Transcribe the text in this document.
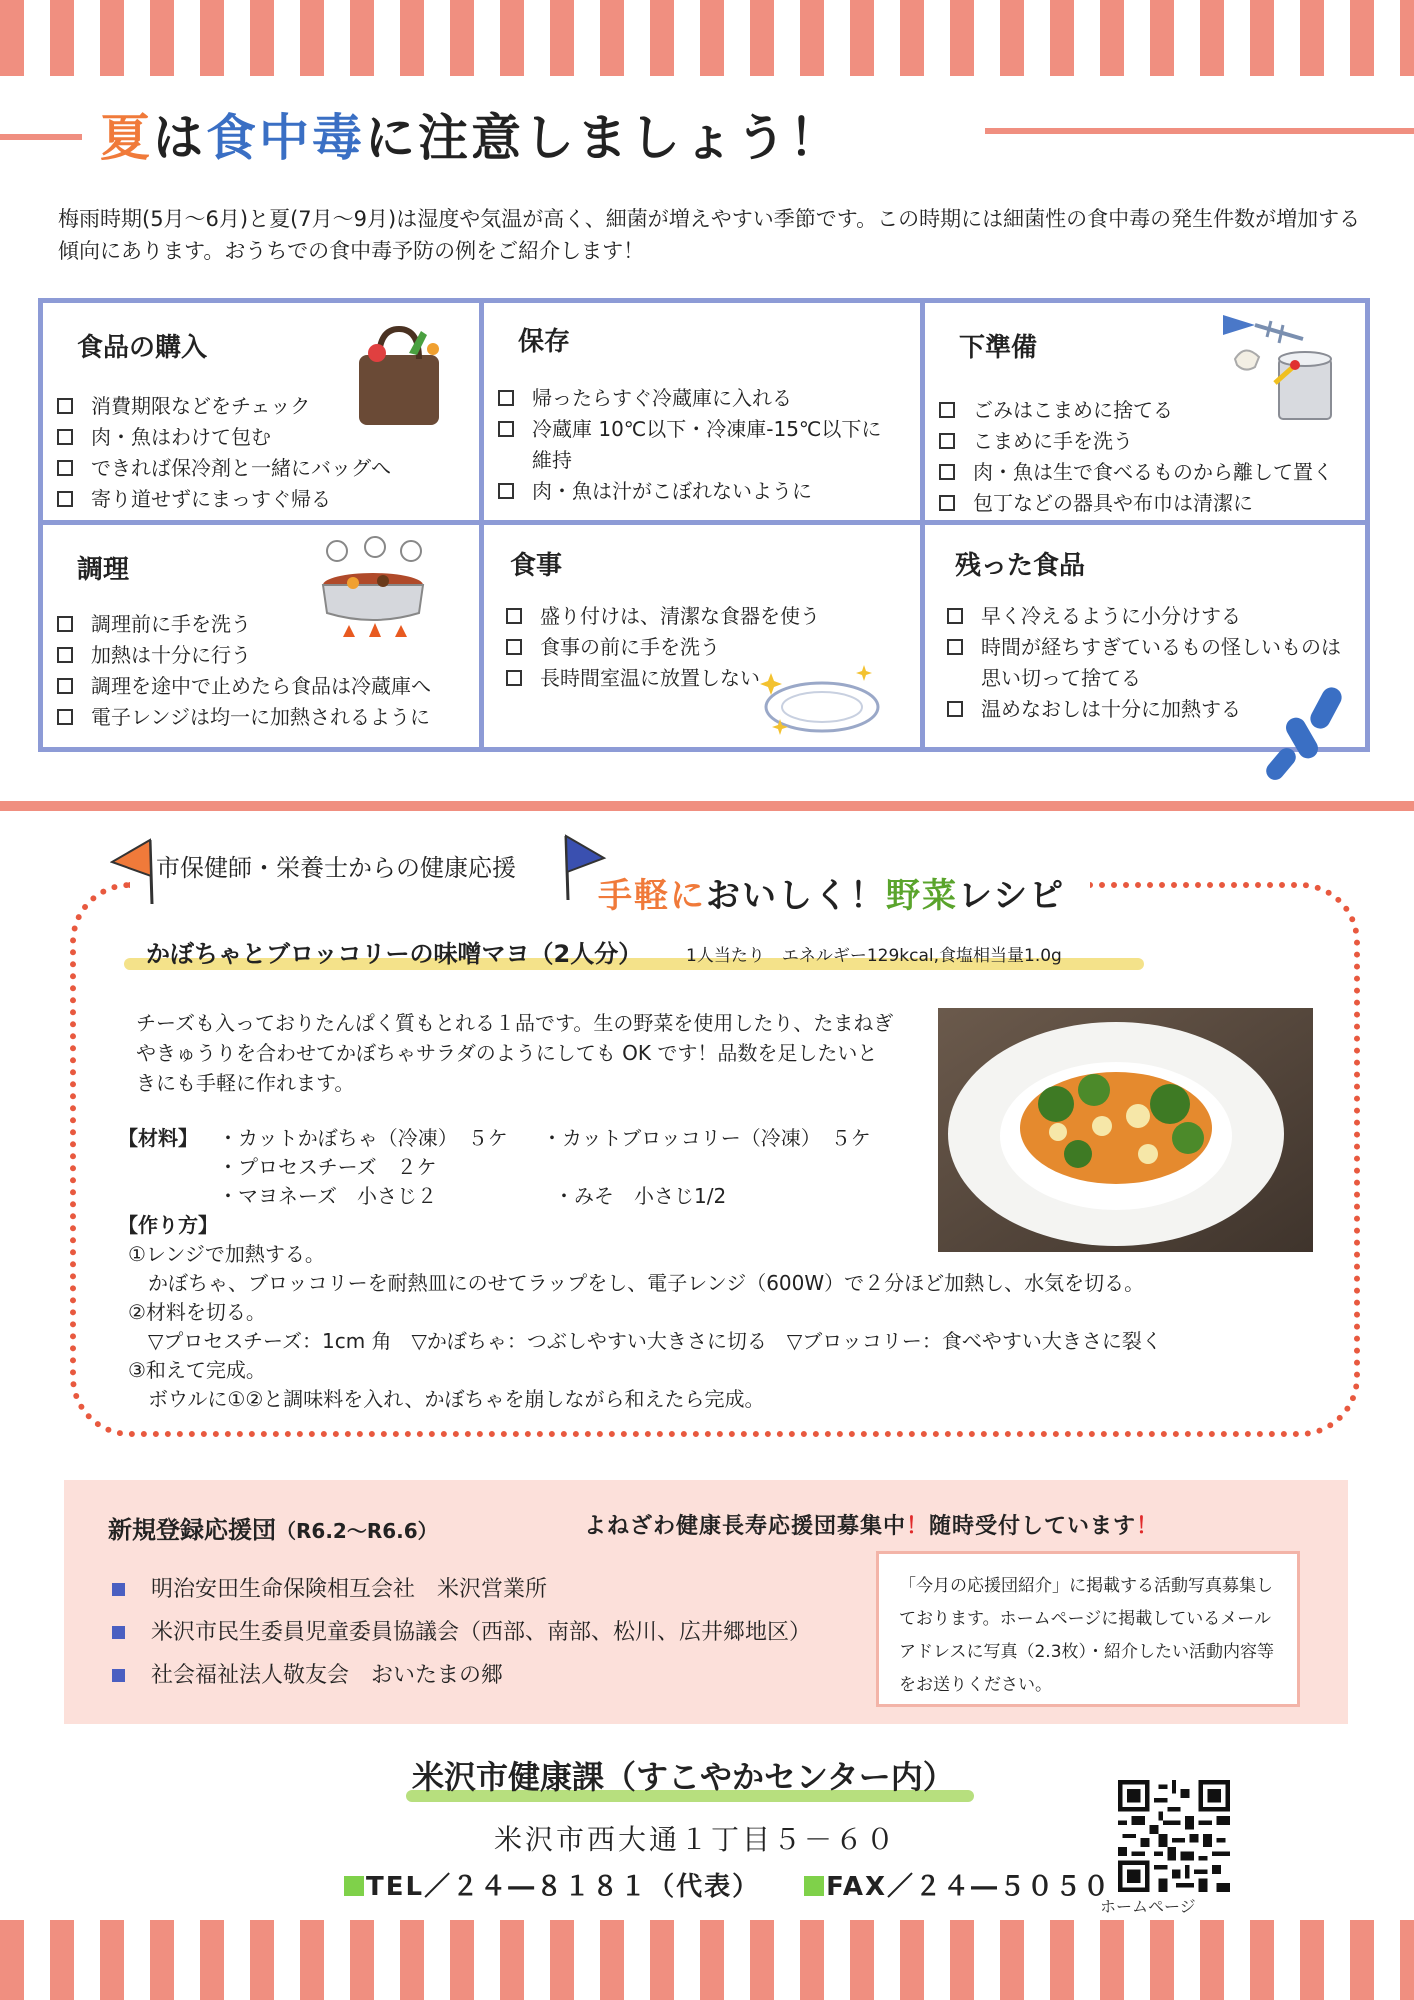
夏は食中毒に注意しましょう！

梅雨時期(5月～6月)と夏(7月～9月)は湿度や気温が高く、細菌が増えやすい季節です。この時期には細菌性の食中毒の発生件数が増加する傾向にあります。おうちでの食中毒予防の例をご紹介します！

食品の購入
消費期限などをチェック
肉・魚はわけて包む
できれば保冷剤と一緒にバッグへ
寄り道せずにまっすぐ帰る
保存
帰ったらすぐ冷蔵庫に入れる
冷蔵庫 10℃以下・冷凍庫-15℃以下に維持
肉・魚は汁がこぼれないように
下準備
ごみはこまめに捨てる
こまめに手を洗う
肉・魚は生で食べるものから離して置く
包丁などの器具や布巾は清潔に
調理
調理前に手を洗う
加熱は十分に行う
調理を途中で止めたら食品は冷蔵庫へ
電子レンジは均一に加熱されるように
食事
盛り付けは、清潔な食器を使う
食事の前に手を洗う
長時間室温に放置しない
残った食品
早く冷えるように小分けする
時間が経ちすぎているもの怪しいものは思い切って捨てる
温めなおしは十分に加熱する
市保健師・栄養士からの健康応援
手軽においしく！野菜レシピ
かぼちゃとブロッコリーの味噌マヨ（2人分）	1人当たり　エネルギー129kcal,食塩相当量1.0g

チーズも入っておりたんぱく質もとれる１品です。生の野菜を使用したり、たまねぎやきゅうりを合わせてかぼちゃサラダのようにしても OK です！品数を足したいときにも手軽に作れます。

【材料】 ・カットかぼちゃ（冷凍）　５ケ ・カットブロッコリー（冷凍）　５ケ
・プロセスチーズ　２ケ
・マヨネーズ　小さじ２	・みそ　小さじ1/2
【作り方】
①レンジで加熱する。
かぼちゃ、ブロッコリーを耐熱皿にのせてラップをし、電子レンジ（600W）で２分ほど加熱し、水気を切る。
②材料を切る。
▽プロセスチーズ：1cm 角　▽かぼちゃ：つぶしやすい大きさに切る　▽ブロッコリー：食べやすい大きさに裂く
③和えて完成。
ボウルに①②と調味料を入れ、かぼちゃを崩しながら和えたら完成。
新規登録応援団（R6.2～R6.6）	よねざわ健康長寿応援団募集中！随時受付しています！
明治安田生命保険相互会社　米沢営業所
米沢市民生委員児童委員協議会（西部、南部、松川、広井郷地区）
社会福祉法人敬友会　おいたまの郷
「今月の応援団紹介」に掲載する活動写真募集しております。ホームページに掲載しているメールアドレスに写真（2.3枚）・紹介したい活動内容等をお送りください。
米沢市健康課（すこやかセンター内）
米沢市西大通１丁目５－６０
TEL／２４―８１８１（代表）	FAX／２４―５０５０
ホームページ
